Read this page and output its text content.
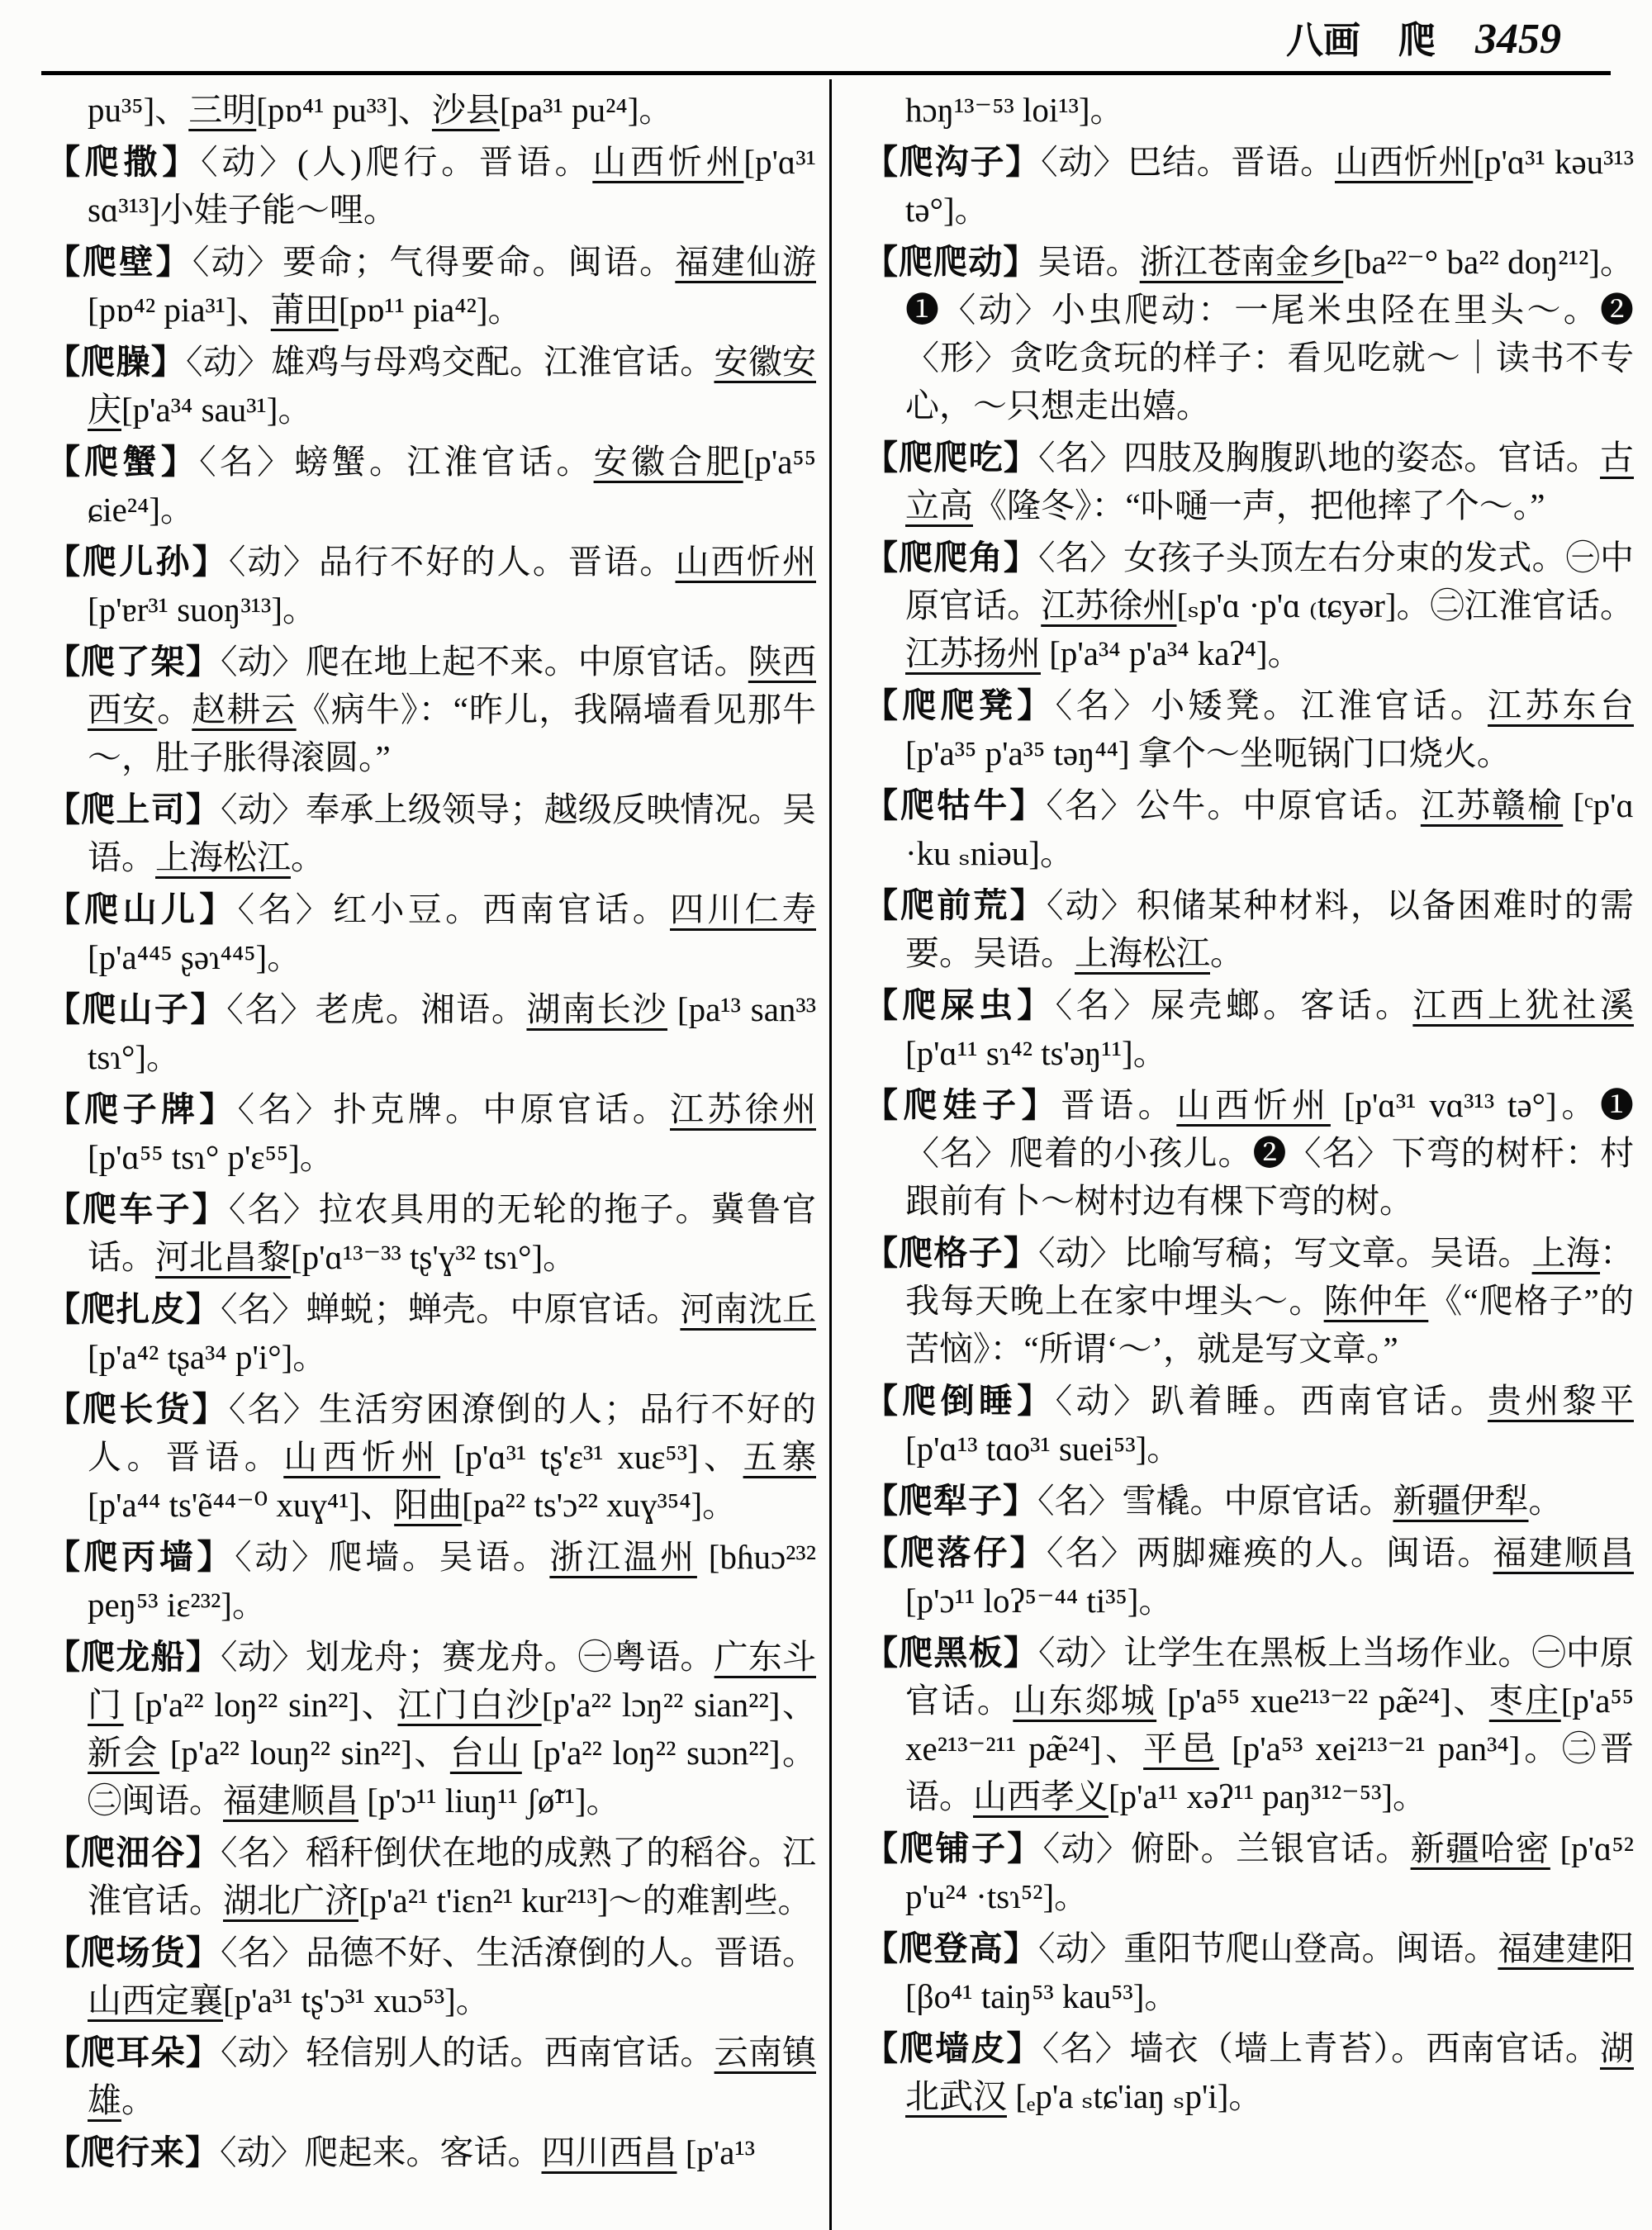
八画 爬 3459

pu³⁵]、三明[pɒ⁴¹ pu³³]、沙县[pa³¹ pu²⁴]。

【爬撒】〈动〉(人)爬行。晋语。山西忻州[p'ɑ³¹ sɑ³¹³]小娃子能～哩。

【爬壁】〈动〉要命；气得要命。闽语。福建仙游 [pɒ⁴² pia³¹]、莆田[pɒ¹¹ pia⁴²]。

【爬臊】〈动〉雄鸡与母鸡交配。江淮官话。安徽安庆[p'a³⁴ sau³¹]。

【爬蟹】〈名〉螃蟹。江淮官话。安徽合肥[p'a⁵⁵ ɕie²⁴]。

【爬儿孙】〈动〉品行不好的人。晋语。山西忻州[p'ɐr³¹ suoŋ³¹³]。

【爬了架】〈动〉爬在地上起不来。中原官话。陕西西安。赵耕云《病牛》：“昨儿，我隔墙看见那牛～，肚子胀得滚圆。”

【爬上司】〈动〉奉承上级领导；越级反映情况。吴语。上海松江。

【爬山儿】〈名〉红小豆。西南官话。四川仁寿[p'a⁴⁴⁵ ʂəɿ⁴⁴⁵]。

【爬山子】〈名〉老虎。湘语。湖南长沙 [pa¹³ san³³ tsɿ°]。

【爬子牌】〈名〉扑克牌。中原官话。江苏徐州[p'ɑ⁵⁵ tsɿ° p'ɛ⁵⁵]。

【爬车子】〈名〉拉农具用的无轮的拖子。冀鲁官话。河北昌黎[p'ɑ¹³⁻³³ tʂ'ɣ³² tsɿ°]。

【爬扎皮】〈名〉蝉蜕；蝉壳。中原官话。河南沈丘 [p'a⁴² tʂa³⁴ p'i°]。

【爬长货】〈名〉生活穷困潦倒的人；品行不好的人。晋语。山西忻州 [p'ɑ³¹ tʂ'ɛ³¹ xuɛ⁵³]、五寨 [p'a⁴⁴ ts'ẽ⁴⁴⁻⁰ xuɣ⁴¹]、阳曲[pa²² ts'ɔ²² xuɣ³⁵⁴]。

【爬丙墙】〈动〉爬墙。吴语。浙江温州 [bɦuɔ²³² peŋ⁵³ iɛ²³²]。

【爬龙船】〈动〉划龙舟；赛龙舟。㊀粤语。广东斗门 [p'a²² loŋ²² sin²²]、江门白沙[p'a²² lɔŋ²² sian²²]、新会 [p'a²² louŋ²² sin²²]、台山 [p'a²² loŋ²² suɔn²²]。㊁闽语。福建顺昌 [p'ɔ¹¹ liuŋ¹¹ ʃø̃¹¹]。

【爬沺谷】〈名〉稻秆倒伏在地的成熟了的稻谷。江淮官话。湖北广济[p'a²¹ t'iɛn²¹ kur²¹³]～的难割些。

【爬场货】〈名〉品德不好、生活潦倒的人。晋语。山西定襄[p'a³¹ tʂ'ɔ³¹ xuɔ⁵³]。

【爬耳朵】〈动〉轻信别人的话。西南官话。云南镇雄。

【爬行来】〈动〉爬起来。客话。四川西昌 [p'a¹³

hɔŋ¹³⁻⁵³ loi¹³]。

【爬沟子】〈动〉巴结。晋语。山西忻州[p'ɑ³¹ kəu³¹³ tə°]。

【爬爬动】吴语。浙江苍南金乡[ba²²⁻° ba²² doŋ²¹²]。❶〈动〉小虫爬动：一尾米虫陉在里头～。❷〈形〉贪吃贪玩的样子：看见吃就～｜读书不专心，～只想走出嬉。

【爬爬吃】〈名〉四肢及胸腹趴地的姿态。官话。古立高《隆冬》：“卟嗵一声，把他摔了个～。”

【爬爬角】〈名〉女孩子头顶左右分束的发式。㊀中原官话。江苏徐州[ₛp'ɑ ·p'ɑ ₍tɕyər]。㊁江淮官话。江苏扬州 [p'a³⁴ p'a³⁴ kaʔ⁴]。

【爬爬凳】〈名〉小矮凳。江淮官话。江苏东台 [p'a³⁵ p'a³⁵ təŋ⁴⁴] 拿个～坐呃锅门口烧火。

【爬牯牛】〈名〉公牛。中原官话。江苏赣榆 [ᶜp'ɑ ·ku ₛniəu]。

【爬前荒】〈动〉积储某种材料，以备困难时的需要。吴语。上海松江。

【爬屎虫】〈名〉屎壳螂。客话。江西上犹社溪[p'ɑ¹¹ sɿ⁴² ts'əŋ¹¹]。

【爬娃子】晋语。山西忻州 [p'ɑ³¹ vɑ³¹³ tə°]。❶〈名〉爬着的小孩儿。❷〈名〉下弯的树杆：村跟前有卜～树村边有棵下弯的树。

【爬格子】〈动〉比喻写稿；写文章。吴语。上海：我每天晚上在家中埋头～。陈仲年《“爬格子”的苦恼》：“所谓‘～’，就是写文章。”

【爬倒睡】〈动〉趴着睡。西南官话。贵州黎平 [p'ɑ¹³ tɑo³¹ suei⁵³]。

【爬犁子】〈名〉雪橇。中原官话。新疆伊犁。

【爬落仔】〈名〉两脚瘫痪的人。闽语。福建顺昌 [p'ɔ¹¹ loʔ⁵⁻⁴⁴ ti³⁵]。

【爬黑板】〈动〉让学生在黑板上当场作业。㊀中原官话。山东郯城 [p'a⁵⁵ xue²¹³⁻²² pæ̃²⁴]、枣庄[p'a⁵⁵ xe²¹³⁻²¹¹ pæ̃²⁴]、平邑 [p'a⁵³ xei²¹³⁻²¹ pan³⁴]。㊁晋语。山西孝义[p'a¹¹ xəʔ¹¹ paŋ³¹²⁻⁵³]。

【爬铺子】〈动〉俯卧。兰银官话。新疆哈密 [p'ɑ⁵² p'u²⁴ ·tsɿ⁵²]。

【爬登高】〈动〉重阳节爬山登高。闽语。福建建阳 [βo⁴¹ taiŋ⁵³ kau⁵³]。

【爬墙皮】〈名〉墙衣（墙上青苔）。西南官话。湖北武汉 [ₑp'a ₛtɕ'iaŋ ₛp'i]。
